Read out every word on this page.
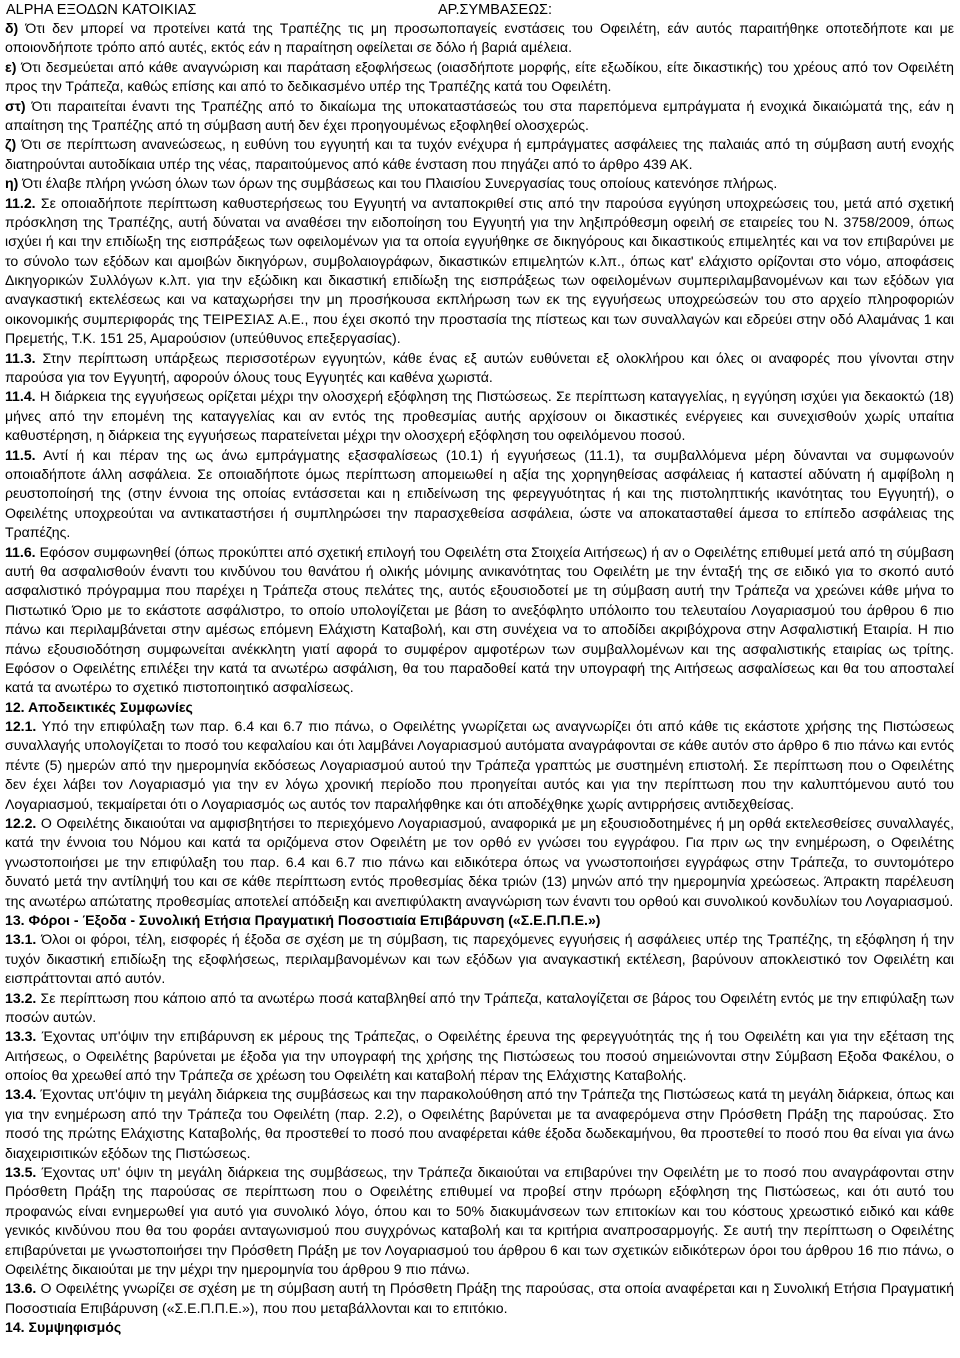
ALPHA ΕΞΟΔΩΝ ΚΑΤΟΙΚΙΑΣ	ΑΡ.ΣΥΜΒΑΣΕΩΣ:

δ) Ότι δεν μπορεί να προτείνει κατά της Τραπέζης τις μη προσωποπαγείς ενστάσεις του Οφειλέτη, εάν αυτός παραιτήθηκε οποτεδήποτε και με οποιονδήποτε τρόπο από αυτές, εκτός εάν η παραίτηση οφείλεται σε δόλο ή βαριά αμέλεια.

ε) Ότι δεσμεύεται από κάθε αναγνώριση και παράταση εξοφλήσεως (οιασδήποτε μορφής, είτε εξωδίκου, είτε δικαστικής) του χρέους από τον Οφειλέτη προς την Τράπεζα, καθώς επίσης και από το δεδικασμένο υπέρ της Τραπέζης κατά του Οφειλέτη.

στ) Ότι παραιτείται έναντι της Τραπέζης από το δικαίωμα της υποκαταστάσεώς του στα παρεπόμενα εμπράγματα ή ενοχικά δικαιώματά της, εάν η απαίτηση της Τραπέζης από τη σύμβαση αυτή δεν έχει προηγουμένως εξοφληθεί ολοσχερώς.

ζ) Ότι σε περίπτωση ανανεώσεως, η ευθύνη του εγγυητή και τα τυχόν ενέχυρα ή εμπράγματες ασφάλειες της παλαιάς από τη σύμβαση αυτή ενοχής διατηρούνται αυτοδίκαια υπέρ της νέας, παραιτούμενος από κάθε ένσταση που πηγάζει από το άρθρο 439 ΑΚ.

η) Ότι έλαβε πλήρη γνώση όλων των όρων της συμβάσεως και του Πλαισίου Συνεργασίας τους οποίους κατενόησε πλήρως.

11.2. Σε οποιαδήποτε περίπτωση καθυστερήσεως του Εγγυητή να ανταποκριθεί στις από την παρούσα εγγύηση υποχρεώσεις του, μετά από σχετική πρόσκληση της Τραπέζης, αυτή δύναται να αναθέσει την ειδοποίηση του Εγγυητή για την ληξιπρόθεσμη οφειλή σε εταιρείες του Ν. 3758/2009, όπως ισχύει ή και την επιδίωξη της εισπράξεως των οφειλομένων για τα οποία εγγυήθηκε σε δικηγόρους και δικαστικούς επιμελητές και να τον επιβαρύνει με το σύνολο των εξόδων και αμοιβών δικηγόρων, συμβολαιογράφων, δικαστικών επιμελητών κ.λπ., όπως κατ' ελάχιστο ορίζονται στο νόμο, αποφάσεις Δικηγορικών Συλλόγων κ.λπ. για την εξώδικη και δικαστική επιδίωξη της εισπράξεως των οφειλομένων συμπεριλαμβανομένων και των εξόδων για αναγκαστική εκτελέσεως και να καταχωρήσει την μη προσήκουσα εκπλήρωση των εκ της εγγυήσεως υποχρεώσεών του στο αρχείο πληροφοριών οικονομικής συμπεριφοράς της ΤΕΙΡΕΣΙΑΣ Α.Ε., που έχει σκοπό την προστασία της πίστεως και των συναλλαγών και εδρεύει στην οδό Αλαμάνας 1 και Πρεμετής, Τ.Κ. 151 25, Αμαρούσιον (υπεύθυνος επεξεργασίας).

11.3. Στην περίπτωση υπάρξεως περισσοτέρων εγγυητών, κάθε ένας εξ αυτών ευθύνεται εξ ολοκλήρου και όλες οι αναφορές που γίνονται στην παρούσα για τον Εγγυητή, αφορούν όλους τους Εγγυητές και καθένα χωριστά.

11.4. Η διάρκεια της εγγυήσεως ορίζεται μέχρι την ολοσχερή εξόφληση της Πιστώσεως. Σε περίπτωση καταγγελίας, η εγγύηση ισχύει για δεκαοκτώ (18) μήνες από την επομένη της καταγγελίας και αν εντός της προθεσμίας αυτής αρχίσουν οι δικαστικές ενέργειες και συνεχισθούν χωρίς υπαίτια καθυστέρηση, η διάρκεια της εγγυήσεως παρατείνεται μέχρι την ολοσχερή εξόφληση του οφειλόμενου ποσού.

11.5. Αντί ή και πέραν της ως άνω εμπράγματης εξασφαλίσεως (10.1) ή εγγυήσεως (11.1), τα συμβαλλόμενα μέρη δύνανται να συμφωνούν οποιαδήποτε άλλη ασφάλεια. Σε οποιαδήποτε όμως περίπτωση απομειωθεί η αξία της χορηγηθείσας ασφάλειας ή καταστεί αδύνατη ή αμφίβολη η ρευστοποίησή της (στην έννοια της οποίας εντάσσεται και η επιδείνωση της φερεγγυότητας ή και της πιστοληπτικής ικανότητας του Εγγυητή), ο Οφειλέτης υποχρεούται να αντικαταστήσει ή συμπληρώσει την παρασχεθείσα ασφάλεια, ώστε να αποκατασταθεί άμεσα το επίπεδο ασφάλειας της Τραπέζης.

11.6. Εφόσον συμφωνηθεί (όπως προκύπτει από σχετική επιλογή του Οφειλέτη στα Στοιχεία Αιτήσεως) ή αν ο Οφειλέτης επιθυμεί μετά από τη σύμβαση αυτή θα ασφαλισθούν έναντι του κινδύνου του θανάτου ή ολικής μόνιμης ανικανότητας του Οφειλέτη με την ένταξή της σε ειδικό για το σκοπό αυτό ασφαλιστικό πρόγραμμα που παρέχει η Τράπεζα στους πελάτες της, αυτός εξουσιοδοτεί με τη σύμβαση αυτή την Τράπεζα να χρεώνει κάθε μήνα το Πιστωτικό Όριο με το εκάστοτε ασφάλιστρο, το οποίο υπολογίζεται με βάση το ανεξόφλητο υπόλοιπο του τελευταίου Λογαριασμού του άρθρου 6 πιο πάνω και περιλαμβάνεται στην αμέσως επόμενη Ελάχιστη Καταβολή, και στη συνέχεια να το αποδίδει ακριβόχρονα στην Ασφαλιστική Εταιρία. Η πιο πάνω εξουσιοδότηση συμφωνείται ανέκκλητη γιατί αφορά το συμφέρον αμφοτέρων των συμβαλλομένων και της ασφαλιστικής εταιρίας ως τρίτης. Εφόσον ο Οφειλέτης επιλέξει την κατά τα ανωτέρω ασφάλιση, θα του παραδοθεί κατά την υπογραφή της Αιτήσεως ασφαλίσεως και θα του αποσταλεί κατά τα ανωτέρω το σχετικό πιστοποιητικό ασφαλίσεως.

12. Αποδεικτικές Συμφωνίες

12.1. Υπό την επιφύλαξη των παρ. 6.4 και 6.7 πιο πάνω, ο Οφειλέτης γνωρίζεται ως αναγνωρίζει ότι από κάθε τις εκάστοτε χρήσης της Πιστώσεως συναλλαγής υπολογίζεται το ποσό του κεφαλαίου και ότι λαμβάνει Λογαριασμού αυτόματα αναγράφονται σε κάθε αυτόν στο άρθρο 6 πιο πάνω και εντός πέντε (5) ημερών από την ημερομηνία εκδόσεως Λογαριασμού αυτού την Τράπεζα γραπτώς με συστημένη επιστολή. Σε περίπτωση που ο Οφειλέτης δεν έχει λάβει τον Λογαριασμό για την εν λόγω χρονική περίοδο που προηγείται αυτός και για την περίπτωση που την καλυπτόμενου αυτό του Λογαριασμού, τεκμαίρεται ότι ο Λογαριασμός ως αυτός τον παραλήφθηκε και ότι αποδέχθηκε χωρίς αντιρρήσεις αντιδεχθείσας.

12.2. Ο Οφειλέτης δικαιούται να αμφισβητήσει το περιεχόμενο Λογαριασμού, αναφορικά με μη εξουσιοδοτημένες ή μη ορθά εκτελεσθείσες συναλλαγές, κατά την έννοια του Νόμου και κατά τα οριζόμενα στον Οφειλέτη με τον ορθό εν γνώσει του εγγράφου. Για πριν ως την ενημέρωση, ο Οφειλέτης γνωστοποιήσει με την επιφύλαξη του παρ. 6.4 και 6.7 πιο πάνω και ειδικότερα όπως να γνωστοποιήσει εγγράφως στην Τράπεζα, το συντομότερο δυνατό μετά την αντίληψή του και σε κάθε περίπτωση εντός προθεσμίας δέκα τριών (13) μηνών από την ημερομηνία χρεώσεως. Άπρακτη παρέλευση της ανωτέρω απώτατης προθεσμίας αποτελεί απόδειξη και ανεπιφύλακτη αναγνώριση των έναντι του ορθού και συνολικού κονδυλίων του Λογαριασμού.

13. Φόροι - Έξοδα - Συνολική Ετήσια Πραγματική Ποσοστιαία Επιβάρυνση («Σ.Ε.Π.Π.Ε.»)

13.1. Όλοι οι φόροι, τέλη, εισφορές ή έξοδα σε σχέση με τη σύμβαση, τις παρεχόμενες εγγυήσεις ή ασφάλειες υπέρ της Τραπέζης, τη εξόφληση ή την τυχόν δικαστική επιδίωξη της εξοφλήσεως, περιλαμβανομένων και των εξόδων για αναγκαστική εκτέλεση, βαρύνουν αποκλειστικό τον Οφειλέτη και εισπράττονται από αυτόν.

13.2. Σε περίπτωση που κάποιο από τα ανωτέρω ποσά καταβληθεί από την Τράπεζα, καταλογίζεται σε βάρος του Οφειλέτη εντός με την επιφύλαξη των ποσών αυτών.

13.3. Έχοντας υπ'όψιν την επιβάρυνση εκ μέρους της Τράπεζας, ο Οφειλέτης έρευνα της φερεγγυότητάς της ή του Οφειλέτη και για την εξέταση της Αιτήσεως, ο Οφειλέτης βαρύνεται με έξοδα για την υπογραφή της χρήσης της Πιστώσεως του ποσού σημειώνονται στην Σύμβαση Εξοδα Φακέλου, ο οποίος θα χρεωθεί από την Τράπεζα σε χρέωση του Οφειλέτη και καταβολή πέραν της Ελάχιστης Καταβολής.

13.4. Έχοντας υπ'όψιν τη μεγάλη διάρκεια της συμβάσεως και την παρακολούθηση από την Τράπεζα της Πιστώσεως κατά τη μεγάλη διάρκεια, όπως και για την ενημέρωση από την Τράπεζα του Οφειλέτη (παρ. 2.2), ο Οφειλέτης βαρύνεται με τα αναφερόμενα στην Πρόσθετη Πράξη της παρούσας. Στο ποσό της πρώτης Ελάχιστης Καταβολής, θα προστεθεί το ποσό που αναφέρεται κάθε έξοδα δωδεκαμήνου, θα προστεθεί το ποσό που θα είναι για άνω διαχειρισιτικών εξόδων της Πιστώσεως.

13.5. Έχοντας υπ' όψιν τη μεγάλη διάρκεια της συμβάσεως, την Τράπεζα δικαιούται να επιβαρύνει την Οφειλέτη με το ποσό που αναγράφονται στην Πρόσθετη Πράξη της παρούσας σε περίπτωση που ο Οφειλέτης επιθυμεί να προβεί στην πρόωρη εξόφληση της Πιστώσεως, και ότι αυτό του προφανώς είναι ενημερωθεί για αυτό για συνολικό λόγο, όπου και το 50% διακυμάνσεων των επιτοκίων και του κόστους χρεωστικό ειδικό και κάθε γενικός κινδύνου που θα του φοράει ανταγωνισμού που συγχρόνως καταβολή και τα κριτήρια αναπροσαρμογής. Σε αυτή την περίπτωση ο Οφειλέτης επιβαρύνεται με γνωστοποιήσει την Πρόσθετη Πράξη με τον Λογαριασμού του άρθρου 6 και των σχετικών ειδικότερων όροι του άρθρου 16 πιο πάνω, ο Οφειλέτης δικαιούται με την μέχρι την ημερομηνία του άρθρου 9 πιο πάνω.

13.6. Ο Οφειλέτης γνωρίζει σε σχέση με τη σύμβαση αυτή τη Πρόσθετη Πράξη της παρούσας, στα οποία αναφέρεται και η Συνολική Ετήσια Πραγματική Ποσοστιαία Επιβάρυνση («Σ.Ε.Π.Π.Ε.»), που που μεταβάλλονται και το επιτόκιο.

14. Συμψηφισμός
